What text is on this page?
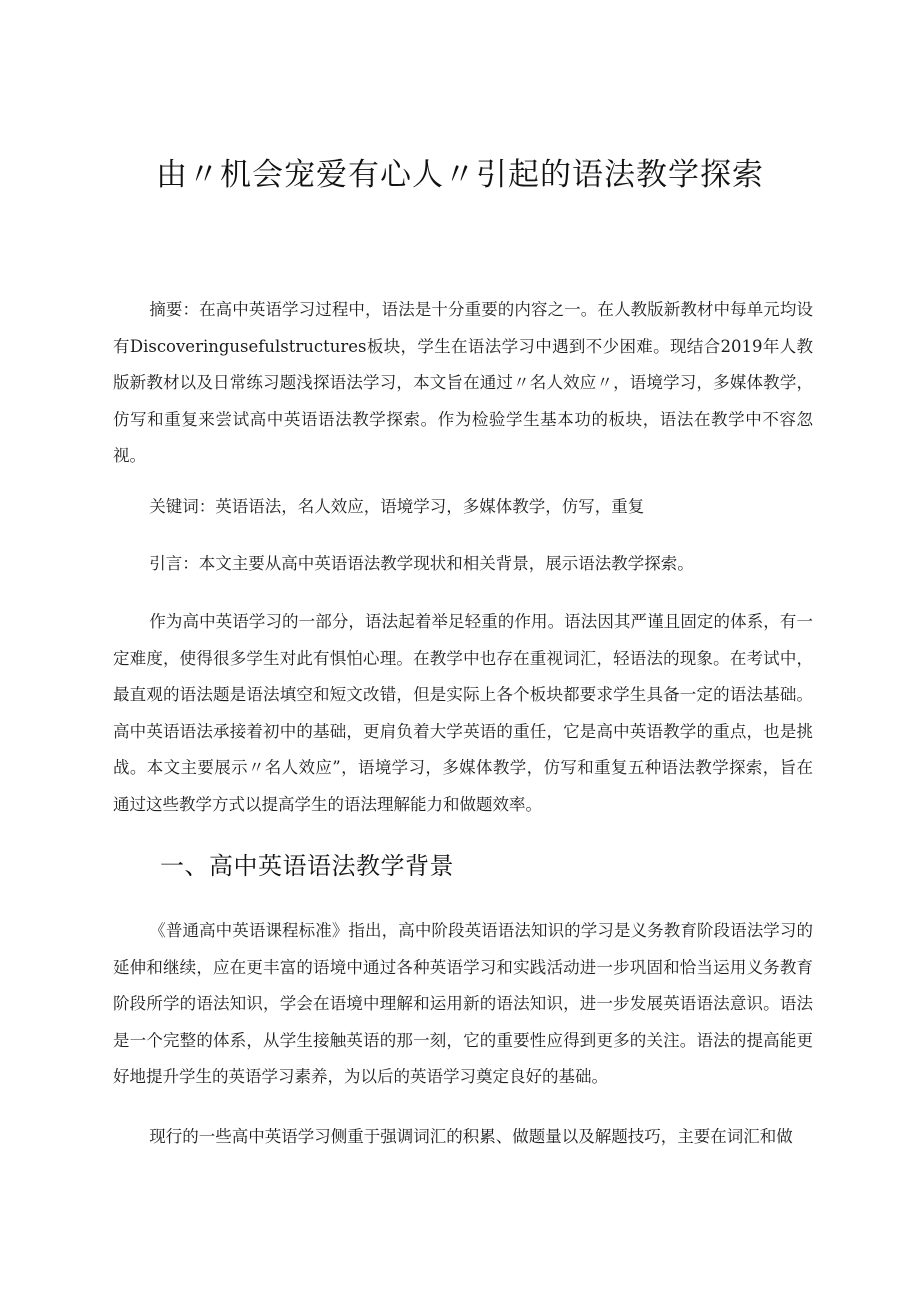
由〃机会宠爱有心人〃引起的语法教学探索

摘要：在高中英语学习过程中，语法是十分重要的内容之一。在人教版新教材中每单元均设有Discoveringusefulstructures板块，学生在语法学习中遇到不少困难。现结合2019年人教版新教材以及日常练习题浅探语法学习，本文旨在通过〃名人效应〃，语境学习，多媒体教学，仿写和重复来尝试高中英语语法教学探索。作为检验学生基本功的板块，语法在教学中不容忽视。

关键词：英语语法，名人效应，语境学习，多媒体教学，仿写，重复

引言：本文主要从高中英语语法教学现状和相关背景，展示语法教学探索。

作为高中英语学习的一部分，语法起着举足轻重的作用。语法因其严谨且固定的体系，有一定难度，使得很多学生对此有惧怕心理。在教学中也存在重视词汇，轻语法的现象。在考试中，最直观的语法题是语法填空和短文改错，但是实际上各个板块都要求学生具备一定的语法基础。高中英语语法承接着初中的基础，更肩负着大学英语的重任，它是高中英语教学的重点，也是挑战。本文主要展示〃名人效应”，语境学习，多媒体教学，仿写和重复五种语法教学探索，旨在通过这些教学方式以提高学生的语法理解能力和做题效率。

一、高中英语语法教学背景

《普通高中英语课程标准》指出，高中阶段英语语法知识的学习是义务教育阶段语法学习的延伸和继续，应在更丰富的语境中通过各种英语学习和实践活动进一步巩固和恰当运用义务教育阶段所学的语法知识，学会在语境中理解和运用新的语法知识，进一步发展英语语法意识。语法是一个完整的体系，从学生接触英语的那一刻，它的重要性应得到更多的关注。语法的提高能更好地提升学生的英语学习素养，为以后的英语学习奠定良好的基础。

现行的一些高中英语学习侧重于强调词汇的积累、做题量以及解题技巧，主要在词汇和做
